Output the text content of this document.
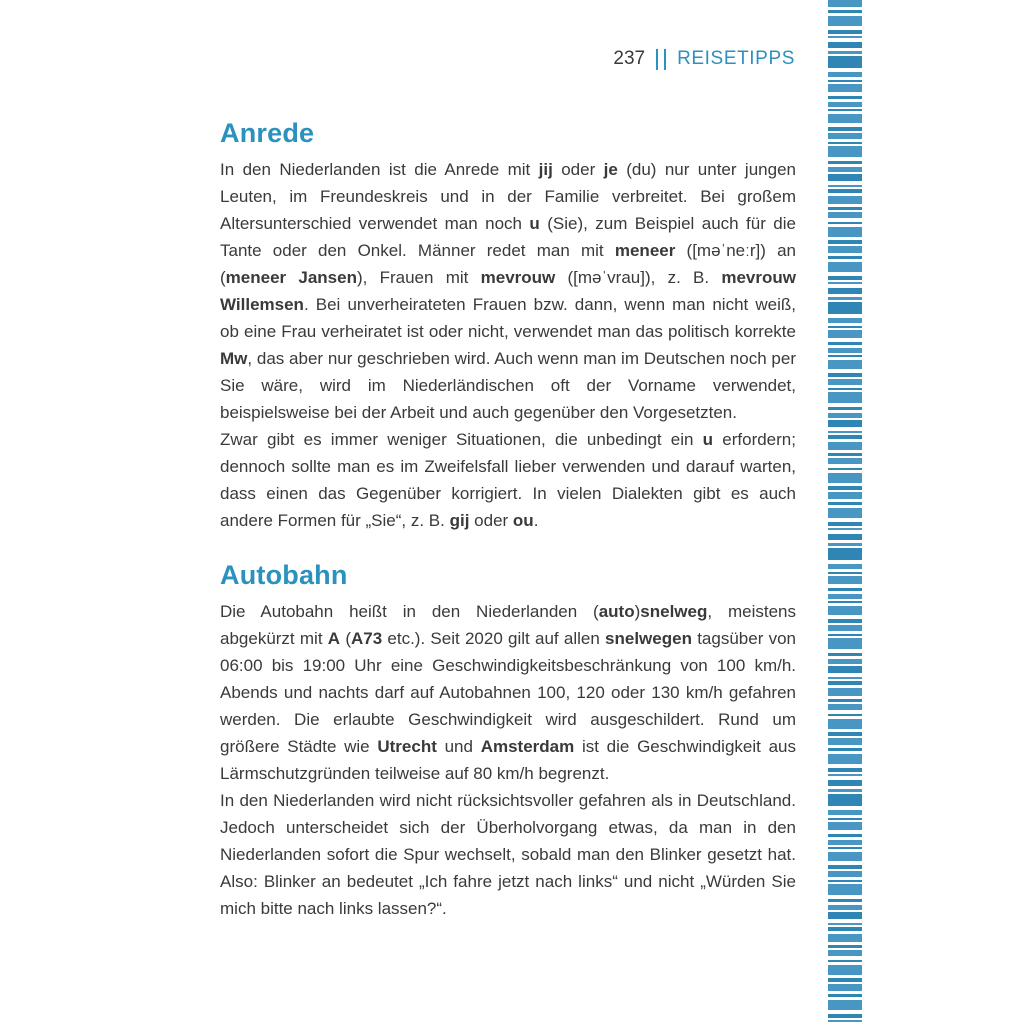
237 REISETIPPS
Anrede

In den Niederlanden ist die Anrede mit jij oder je (du) nur unter jungen Leuten, im Freundeskreis und in der Familie verbreitet. Bei großem Altersunterschied verwendet man noch u (Sie), zum Beispiel auch für die Tante oder den Onkel. Männer redet man mit meneer ([məˈneːr]) an (meneer Jansen), Frauen mit mevrouw ([məˈvrau]), z. B. mevrouw Willemsen. Bei unverheirateten Frauen bzw. dann, wenn man nicht weiß, ob eine Frau verheiratet ist oder nicht, verwendet man das politisch korrekte Mw, das aber nur geschrieben wird. Auch wenn man im Deutschen noch per Sie wäre, wird im Niederländischen oft der Vorname verwendet, beispielsweise bei der Arbeit und auch gegenüber den Vorgesetzten.

Zwar gibt es immer weniger Situationen, die unbedingt ein u erfordern; dennoch sollte man es im Zweifelsfall lieber verwenden und darauf warten, dass einen das Gegenüber korrigiert. In vielen Dialekten gibt es auch andere Formen für „Sie“, z. B. gij oder ou.

Autobahn

Die Autobahn heißt in den Niederlanden (auto)snelweg, meistens abgekürzt mit A (A73 etc.). Seit 2020 gilt auf allen snelwegen tagsüber von 06:00 bis 19:00 Uhr eine Geschwindigkeitsbeschränkung von 100 km/h. Abends und nachts darf auf Autobahnen 100, 120 oder 130 km/h gefahren werden. Die erlaubte Geschwindigkeit wird ausgeschildert. Rund um größere Städte wie Utrecht und Amsterdam ist die Geschwindigkeit aus Lärmschutzgründen teilweise auf 80 km/h begrenzt.

In den Niederlanden wird nicht rücksichtsvoller gefahren als in Deutschland. Jedoch unterscheidet sich der Überholvorgang etwas, da man in den Niederlanden sofort die Spur wechselt, sobald man den Blinker gesetzt hat. Also: Blinker an bedeutet „Ich fahre jetzt nach links“ und nicht „Würden Sie mich bitte nach links lassen?“.
